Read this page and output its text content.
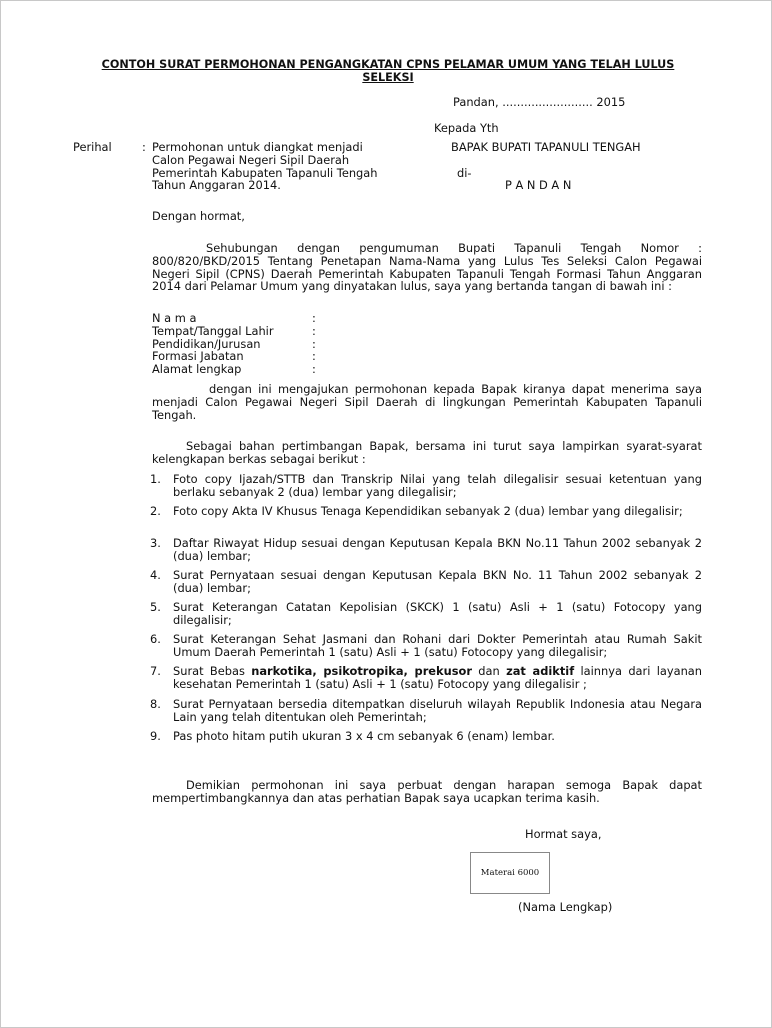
CONTOH SURAT PERMOHONAN PENGANGKATAN CPNS PELAMAR UMUM YANG TELAH LULUS
SELEKSI
Pandan, ......................... 2015
Kepada Yth
BAPAK BUPATI TAPANULI TENGAH
di-
P A N D A N
Perihal	: Permohonan untuk diangkat menjadi
Calon Pegawai Negeri Sipil Daerah
Pemerintah Kabupaten Tapanuli Tengah
Tahun Anggaran 2014.
Dengan hormat,
Sehubungan dengan pengumuman Bupati Tapanuli Tengah Nomor : 800/820/BKD/2015 Tentang Penetapan Nama-Nama yang Lulus Tes Seleksi Calon Pegawai Negeri Sipil (CPNS) Daerah Pemerintah Kabupaten Tapanuli Tengah Formasi Tahun Anggaran 2014 dari Pelamar Umum yang dinyatakan lulus, saya yang bertanda tangan di bawah ini :
N a m a	:
Tempat/Tanggal Lahir	:
Pendidikan/Jurusan	:
Formasi Jabatan	:
Alamat lengkap	:
dengan ini mengajukan permohonan kepada Bapak kiranya dapat menerima saya menjadi Calon Pegawai Negeri Sipil Daerah di lingkungan Pemerintah Kabupaten Tapanuli Tengah.
Sebagai bahan pertimbangan Bapak, bersama ini turut saya lampirkan syarat-syarat kelengkapan berkas sebagai berikut :
1. Foto copy Ijazah/STTB dan Transkrip Nilai yang telah dilegalisir sesuai ketentuan yang berlaku sebanyak 2 (dua) lembar yang dilegalisir;
2. Foto copy Akta IV Khusus Tenaga Kependidikan sebanyak 2 (dua) lembar yang dilegalisir;
3. Daftar Riwayat Hidup sesuai dengan Keputusan Kepala BKN No.11 Tahun 2002 sebanyak 2 (dua) lembar;
4. Surat Pernyataan sesuai dengan Keputusan Kepala BKN No. 11 Tahun 2002 sebanyak 2 (dua) lembar;
5. Surat Keterangan Catatan Kepolisian (SKCK) 1 (satu) Asli + 1 (satu) Fotocopy yang dilegalisir;
6. Surat Keterangan Sehat Jasmani dan Rohani dari Dokter Pemerintah atau Rumah Sakit Umum Daerah Pemerintah 1 (satu) Asli + 1 (satu) Fotocopy yang dilegalisir;
7. Surat Bebas narkotika, psikotropika, prekusor dan zat adiktif lainnya dari layanan kesehatan Pemerintah 1 (satu) Asli + 1 (satu) Fotocopy yang dilegalisir ;
8. Surat Pernyataan bersedia ditempatkan diseluruh wilayah Republik Indonesia atau Negara Lain yang telah ditentukan oleh Pemerintah;
9. Pas photo hitam putih ukuran 3 x 4 cm sebanyak 6 (enam) lembar.
Demikian permohonan ini saya perbuat dengan harapan semoga Bapak dapat mempertimbangkannya dan atas perhatian Bapak saya ucapkan terima kasih.
Hormat saya,
Materai 6000
(Nama Lengkap)
